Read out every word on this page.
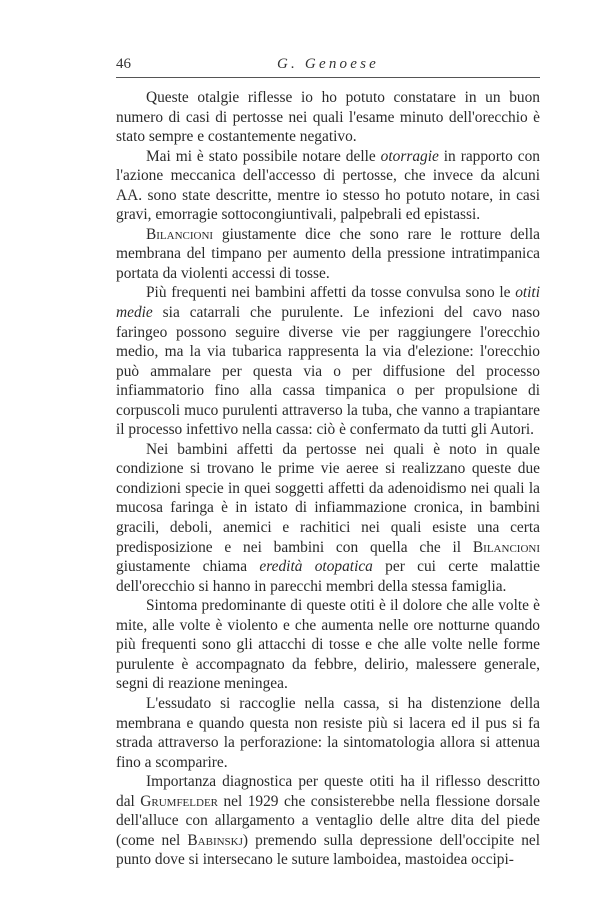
46	G. Genoese

Queste otalgie riflesse io ho potuto constatare in un buon numero di casi di pertosse nei quali l'esame minuto dell'orecchio è stato sempre e costantemente negativo.

Mai mi è stato possibile notare delle otorragie in rapporto con l'azione meccanica dell'accesso di pertosse, che invece da alcuni AA. sono state descritte, mentre io stesso ho potuto notare, in casi gravi, emorragie sottocongiuntivali, palpebrali ed epistassi.

Bilancioni giustamente dice che sono rare le rotture della membrana del timpano per aumento della pressione intratimpanica portata da violenti accessi di tosse.

Più frequenti nei bambini affetti da tosse convulsa sono le otiti medie sia catarrali che purulente. Le infezioni del cavo naso faringeo possono seguire diverse vie per raggiungere l'orecchio medio, ma la via tubarica rappresenta la via d'elezione: l'orecchio può ammalare per questa via o per diffusione del processo infiammatorio fino alla cassa timpanica o per propulsione di corpuscoli muco purulenti attraverso la tuba, che vanno a trapiantare il processo infettivo nella cassa: ciò è confermato da tutti gli Autori.

Nei bambini affetti da pertosse nei quali è noto in quale condizione si trovano le prime vie aeree si realizzano queste due condizioni specie in quei soggetti affetti da adenoidismo nei quali la mucosa faringa è in istato di infiammazione cronica, in bambini gracili, deboli, anemici e rachitici nei quali esiste una certa predisposizione e nei bambini con quella che il Bilancioni giustamente chiama eredità otopatica per cui certe malattie dell'orecchio si hanno in parecchi membri della stessa famiglia.

Sintoma predominante di queste otiti è il dolore che alle volte è mite, alle volte è violento e che aumenta nelle ore notturne quando più frequenti sono gli attacchi di tosse e che alle volte nelle forme purulente è accompagnato da febbre, delirio, malessere generale, segni di reazione meningea.

L'essudato si raccoglie nella cassa, si ha distenzione della membrana e quando questa non resiste più si lacera ed il pus si fa strada attraverso la perforazione: la sintomatologia allora si attenua fino a scomparire.

Importanza diagnostica per queste otiti ha il riflesso descritto dal Grumfelder nel 1929 che consisterebbe nella flessione dorsale dell'alluce con allargamento a ventaglio delle altre dita del piede (come nel Babinskj) premendo sulla depressione dell'occipite nel punto dove si intersecano le suture lamboidea, mastoidea occipi-
